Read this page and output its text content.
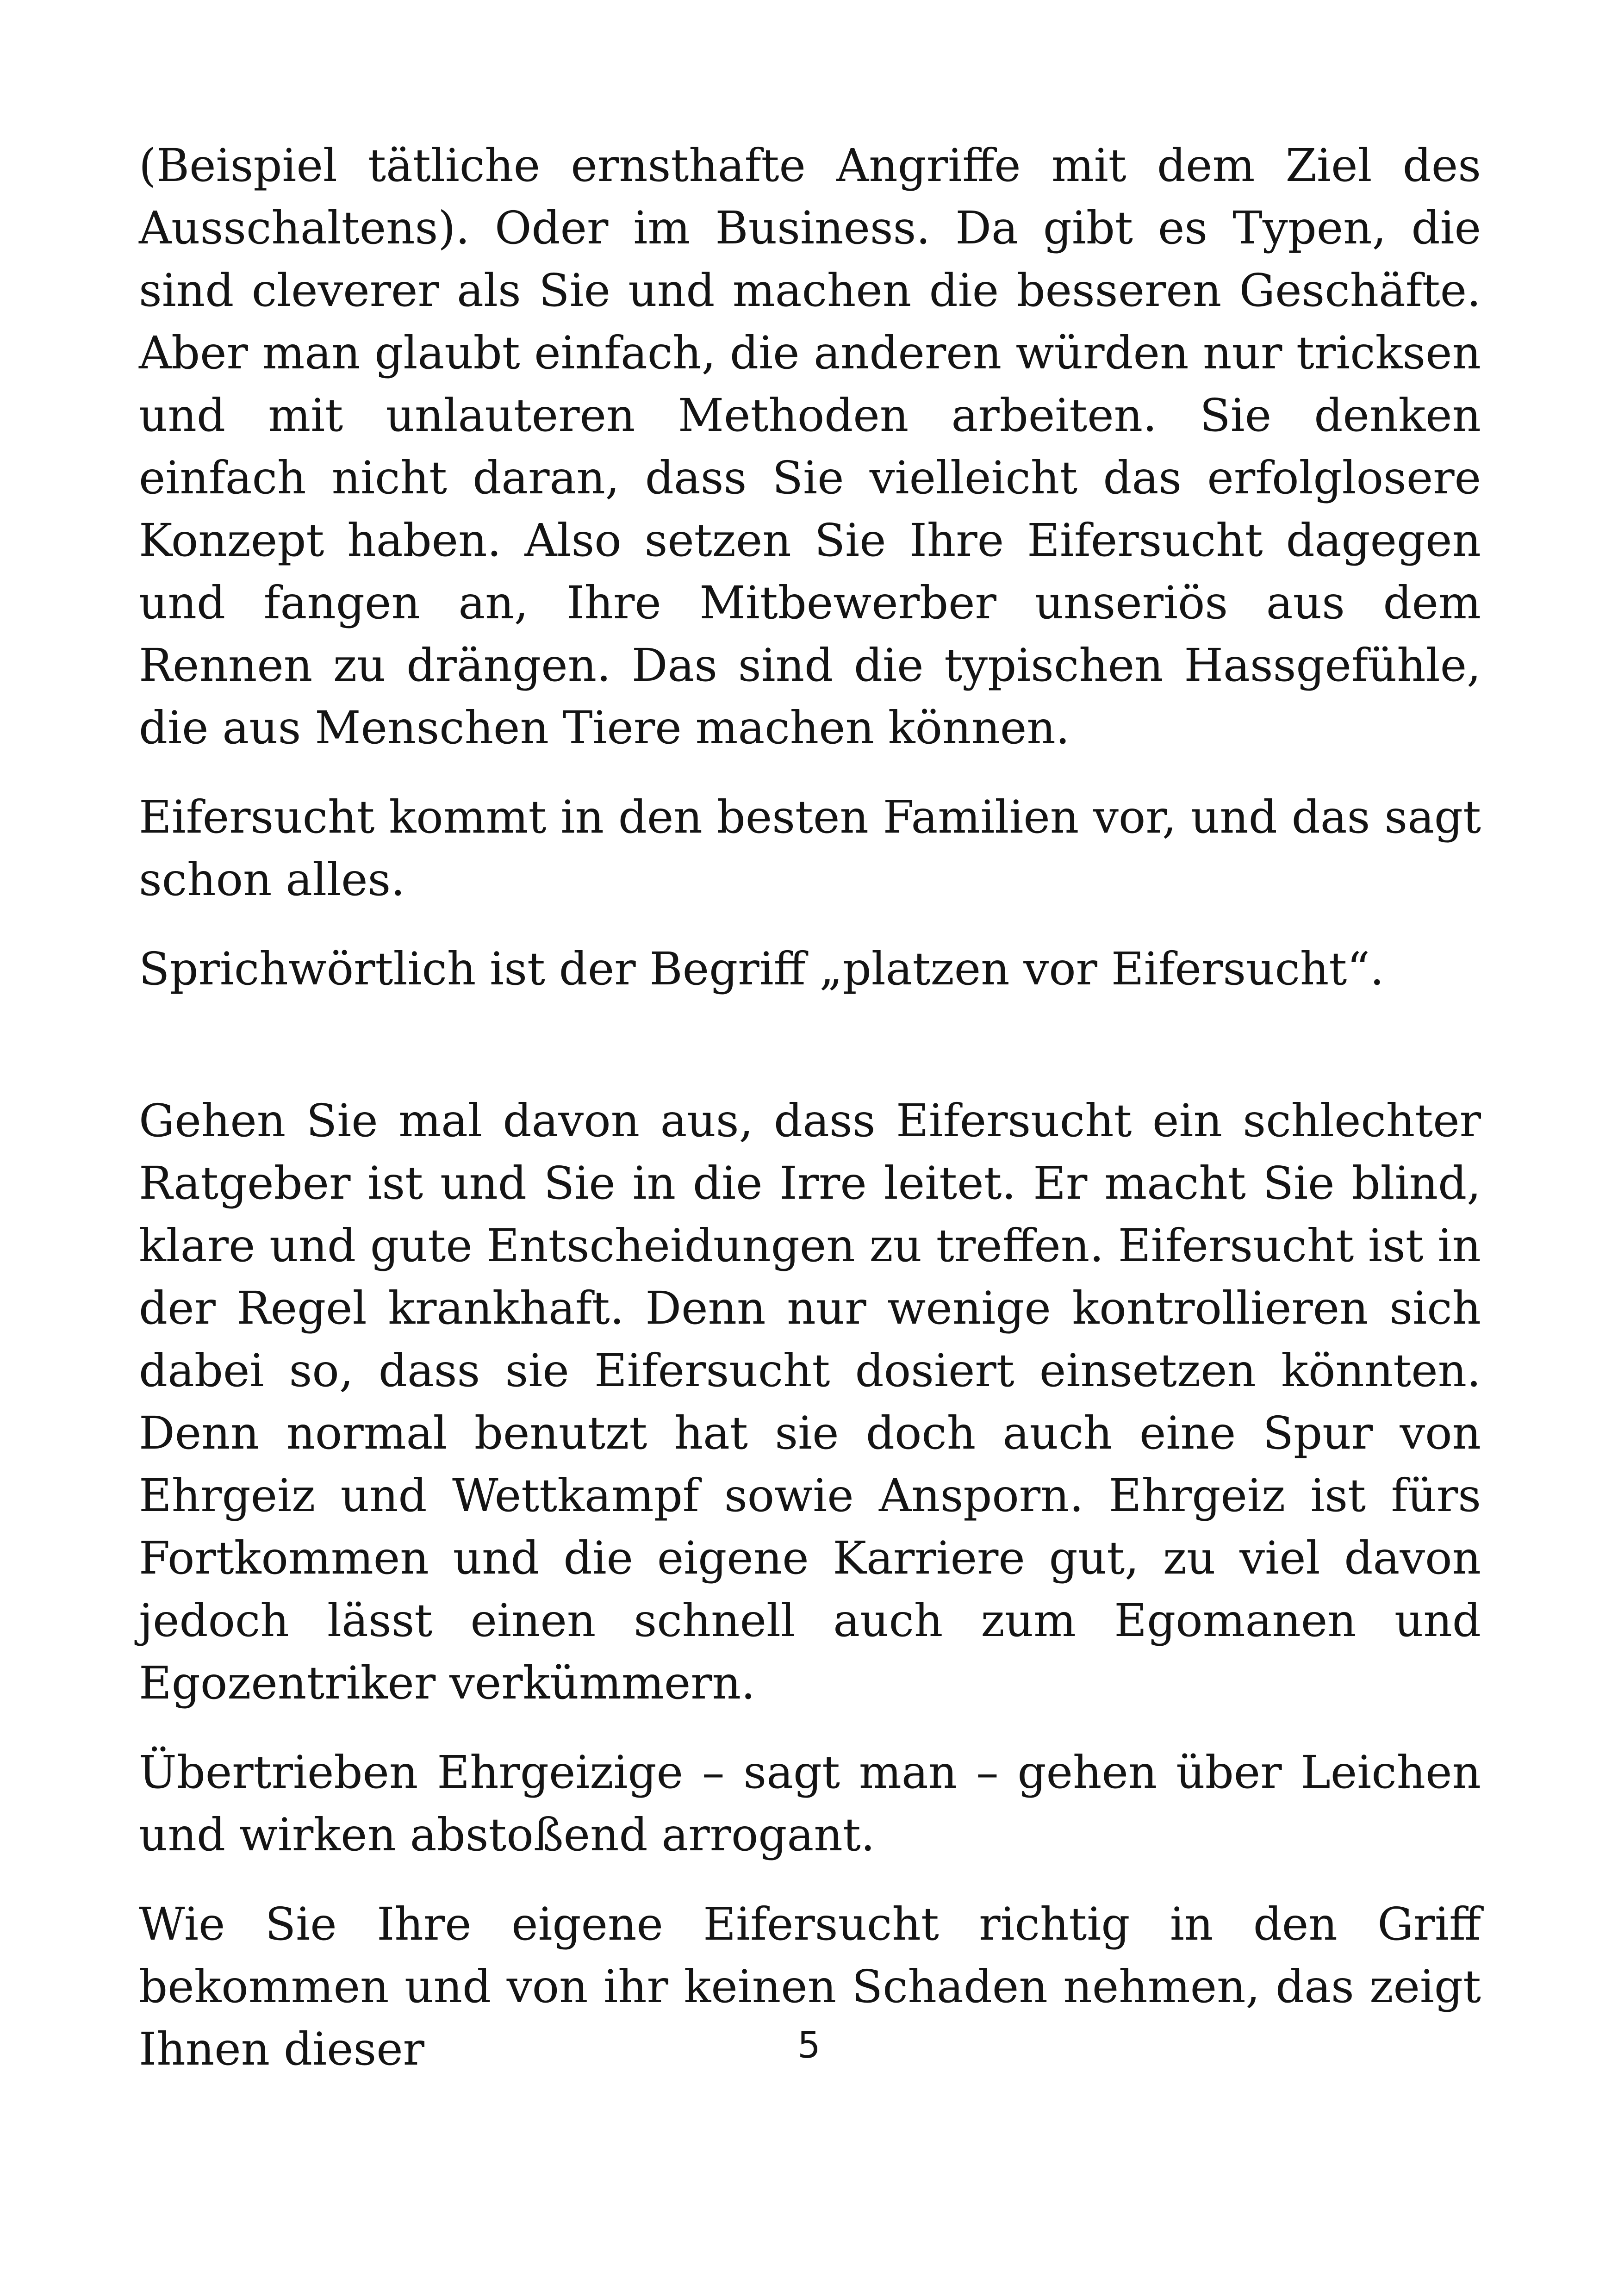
(Beispiel tätliche ernsthafte Angriffe mit dem Ziel des Ausschaltens). Oder im Business. Da gibt es Typen, die sind cleverer als Sie und machen die besseren Geschäfte. Aber man glaubt einfach, die anderen würden nur tricksen und mit unlauteren Methoden arbeiten. Sie denken einfach nicht daran, dass Sie vielleicht das erfolglosere Konzept haben. Also setzen Sie Ihre Eifersucht dagegen und fangen an, Ihre Mitbewerber unseriös aus dem Rennen zu drängen. Das sind die typischen Hassgefühle, die aus Menschen Tiere machen können.

Eifersucht kommt in den besten Familien vor, und das sagt schon alles.

Sprichwörtlich ist der Begriff „platzen vor Eifersucht“.

Gehen Sie mal davon aus, dass Eifersucht ein schlechter Ratgeber ist und Sie in die Irre leitet. Er macht Sie blind, klare und gute Entscheidungen zu treffen. Eifersucht ist in der Regel krankhaft. Denn nur wenige kontrollieren sich dabei so, dass sie Eifersucht dosiert einsetzen könnten. Denn normal benutzt hat sie doch auch eine Spur von Ehrgeiz und Wettkampf sowie Ansporn. Ehrgeiz ist fürs Fortkommen und die eigene Karriere gut, zu viel davon jedoch lässt einen schnell auch zum Egomanen und Egozentriker verkümmern.

Übertrieben Ehrgeizige – sagt man – gehen über Leichen und wirken abstoßend arrogant.

Wie Sie Ihre eigene Eifersucht richtig in den Griff bekommen und von ihr keinen Schaden nehmen, das zeigt Ihnen dieser	5
